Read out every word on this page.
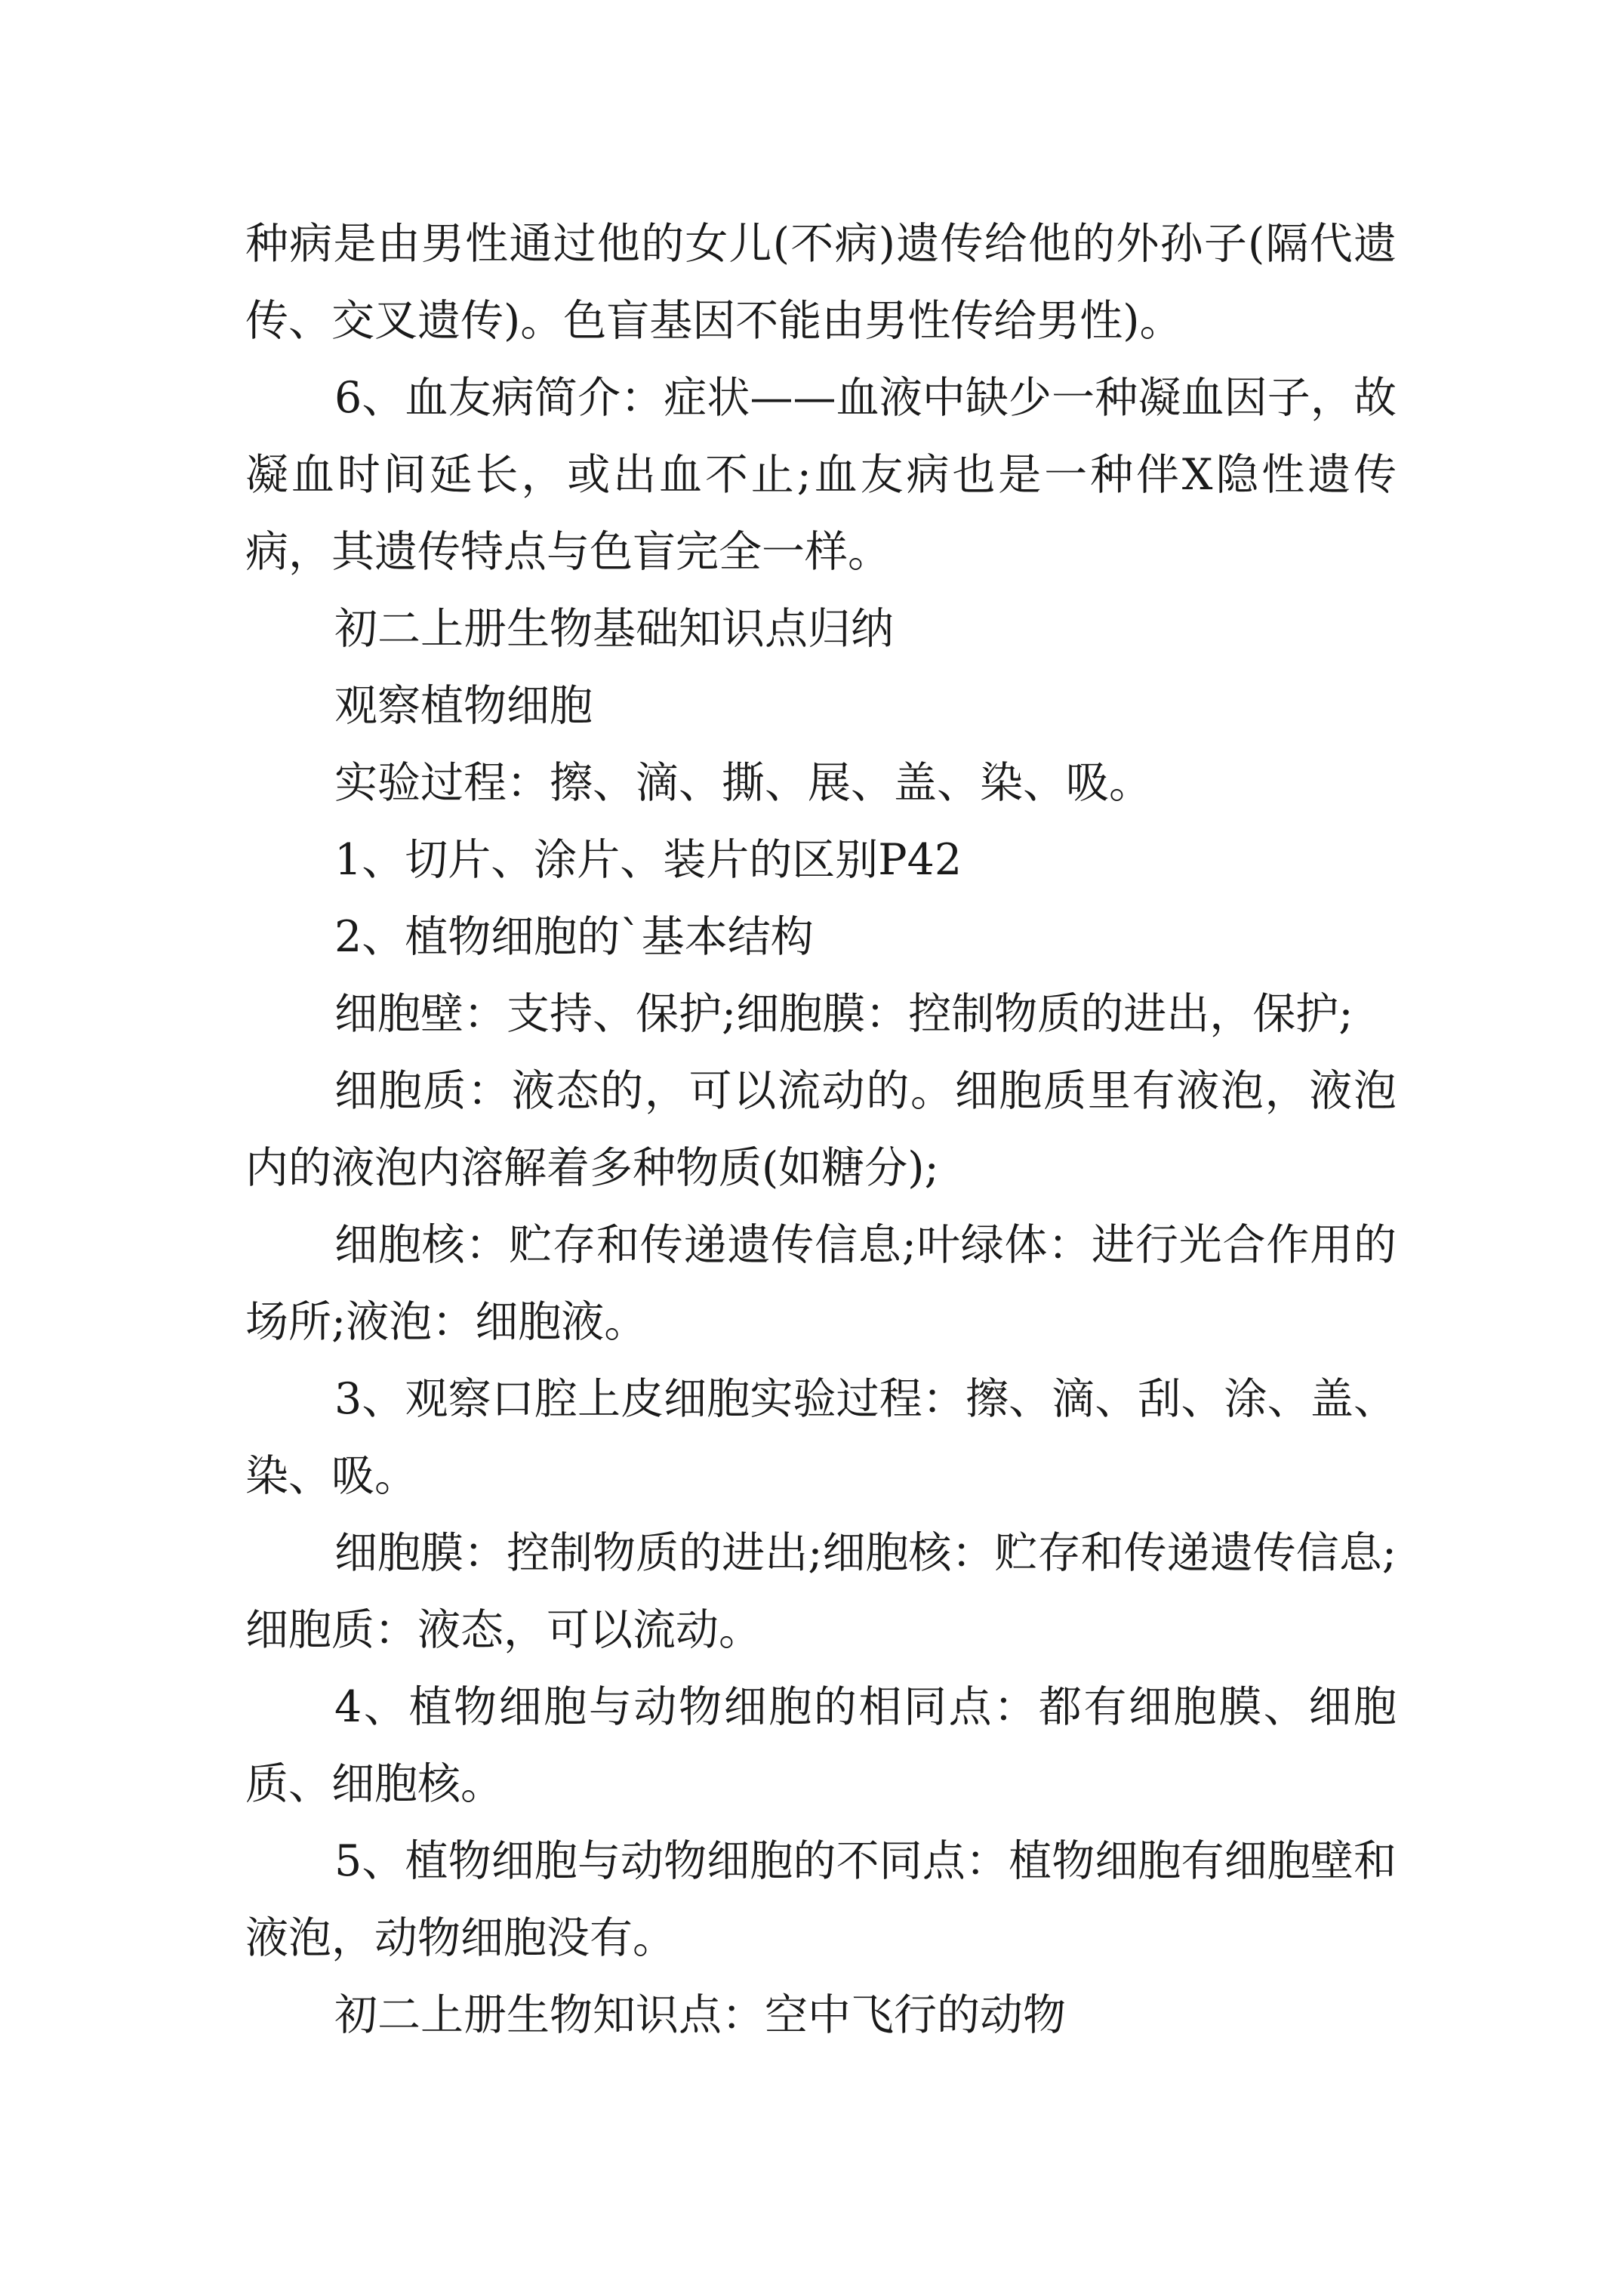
种病是由男性通过他的女儿(不病)遗传给他的外孙子(隔代遗传、交叉遗传)。色盲基因不能由男性传给男性)。

6、血友病简介：症状——血液中缺少一种凝血因子，故凝血时间延长，或出血不止;血友病也是一种伴X隐性遗传病，其遗传特点与色盲完全一样。

初二上册生物基础知识点归纳

观察植物细胞

实验过程：擦、滴、撕、展、盖、染、吸。

1、切片、涂片、装片的区别P42

2、植物细胞的`基本结构

细胞壁：支持、保护;细胞膜：控制物质的进出，保护;

细胞质：液态的，可以流动的。细胞质里有液泡，液泡内的液泡内溶解着多种物质(如糖分);

细胞核：贮存和传递遗传信息;叶绿体：进行光合作用的场所;液泡：细胞液。

3、观察口腔上皮细胞实验过程：擦、滴、刮、涂、盖、染、吸。

细胞膜：控制物质的进出;细胞核：贮存和传递遗传信息;细胞质：液态，可以流动。

4、植物细胞与动物细胞的相同点：都有细胞膜、细胞质、细胞核。

5、植物细胞与动物细胞的不同点：植物细胞有细胞壁和液泡，动物细胞没有。

初二上册生物知识点：空中飞行的动物
